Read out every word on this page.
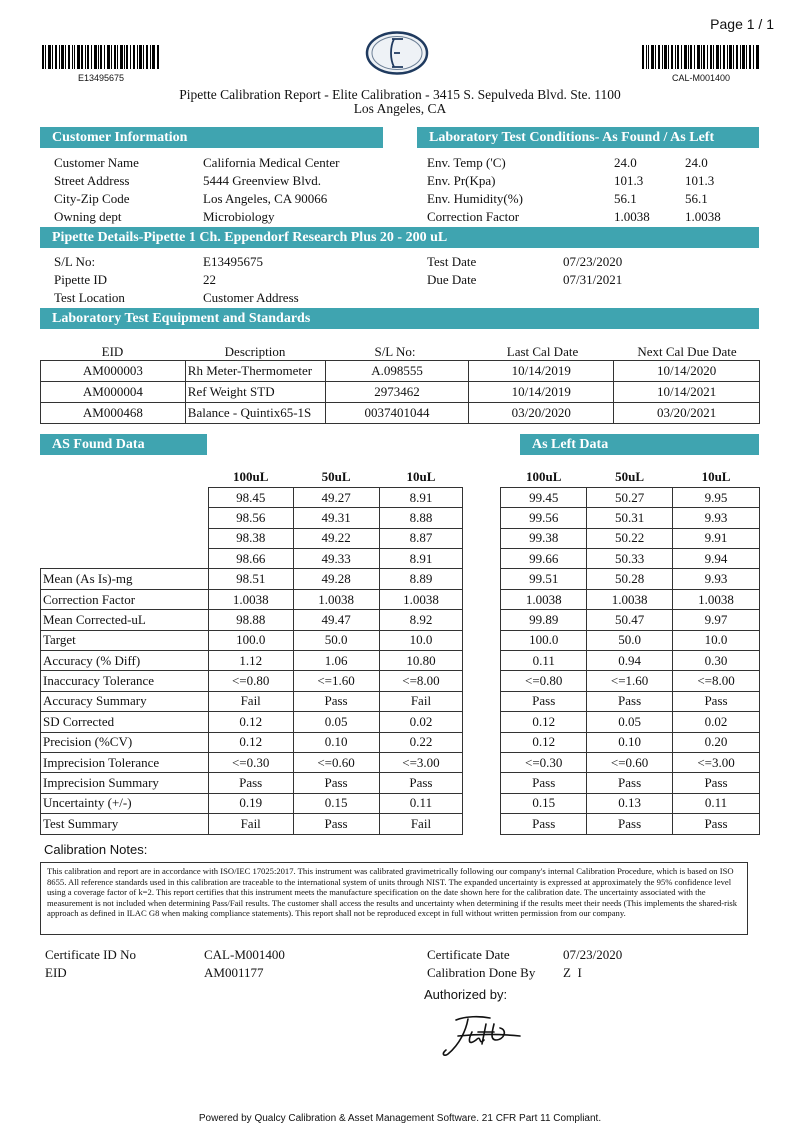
Page 1 / 1
E13495675	CAL-M001400
Pipette Calibration Report - Elite Calibration - 3415 S. Sepulveda Blvd. Ste. 1100
Los Angeles, CA
Customer Information	Laboratory Test Conditions- As Found / As Left
Customer Name	California Medical Center
Street Address	5444 Greenview Blvd.
City-Zip Code	Los Angeles, CA 90066
Owning dept	Microbiology
Env. Temp ('C)	24.0	24.0
Env. Pr(Kpa)	101.3	101.3
Env. Humidity(%)	56.1	56.1
Correction Factor	1.0038	1.0038
Pipette Details-Pipette 1 Ch. Eppendorf Research Plus 20 - 200 uL
S/L No:	E13495675
Pipette ID	22
Test Location	Customer Address
Test Date	07/23/2020
Due Date	07/31/2021
Laboratory Test Equipment and Standards
EID	Description	S/L No:	Last Cal Date	Next Cal Due Date
AM000003	Rh Meter-Thermometer	A.098555	10/14/2019	10/14/2020
AM000004	Ref Weight STD	2973462	10/14/2019	10/14/2021
AM000468	Balance - Quintix65-1S	0037401044	03/20/2020	03/20/2021
AS Found Data	As Left Data
	100uL	50uL	10uL		100uL	50uL	10uL
	98.45	49.27	8.91		99.45	50.27	9.95
	98.56	49.31	8.88		99.56	50.31	9.93
	98.38	49.22	8.87		99.38	50.22	9.91
	98.66	49.33	8.91		99.66	50.33	9.94
Mean (As Is)-mg	98.51	49.28	8.89		99.51	50.28	9.93
Correction Factor	1.0038	1.0038	1.0038		1.0038	1.0038	1.0038
Mean Corrected-uL	98.88	49.47	8.92		99.89	50.47	9.97
Target	100.0	50.0	10.0		100.0	50.0	10.0
Accuracy (% Diff)	1.12	1.06	10.80		0.11	0.94	0.30
Inaccuracy Tolerance	<=0.80	<=1.60	<=8.00		<=0.80	<=1.60	<=8.00
Accuracy Summary	Fail	Pass	Fail		Pass	Pass	Pass
SD Corrected	0.12	0.05	0.02		0.12	0.05	0.02
Precision (%CV)	0.12	0.10	0.22		0.12	0.10	0.20
Imprecision Tolerance	<=0.30	<=0.60	<=3.00		<=0.30	<=0.60	<=3.00
Imprecision Summary	Pass	Pass	Pass		Pass	Pass	Pass
Uncertainty (+/-)	0.19	0.15	0.11		0.15	0.13	0.11
Test Summary	Fail	Pass	Fail		Pass	Pass	Pass
Calibration Notes:
This calibration and report are in accordance with ISO/IEC 17025:2017. This instrument was calibrated gravimetrically following our company's internal Calibration Procedure, which is based on ISO 8655. All reference standards used in this calibration are traceable to the international system of units through NIST. The expanded uncertainty is expressed at approximately the 95% confidence level using a coverage factor of k=2. This report certifies that this instrument meets the manufacture specification on the date shown here for the calibration date. The uncertainty associated with the measurement is not included when determining Pass/Fail results. The customer shall access the results and uncertainty when determining if the results meet their needs (This implements the shared-risk approach as defined in ILAC G8 when making compliance statements). This report shall not be reproduced except in full without written permission from our company.
Certificate ID No	CAL-M001400
EID	AM001177
Certificate Date	07/23/2020
Calibration Done By Z  I
Authorized by:
Powered by Qualcy Calibration & Asset Management Software. 21 CFR Part 11 Compliant.
